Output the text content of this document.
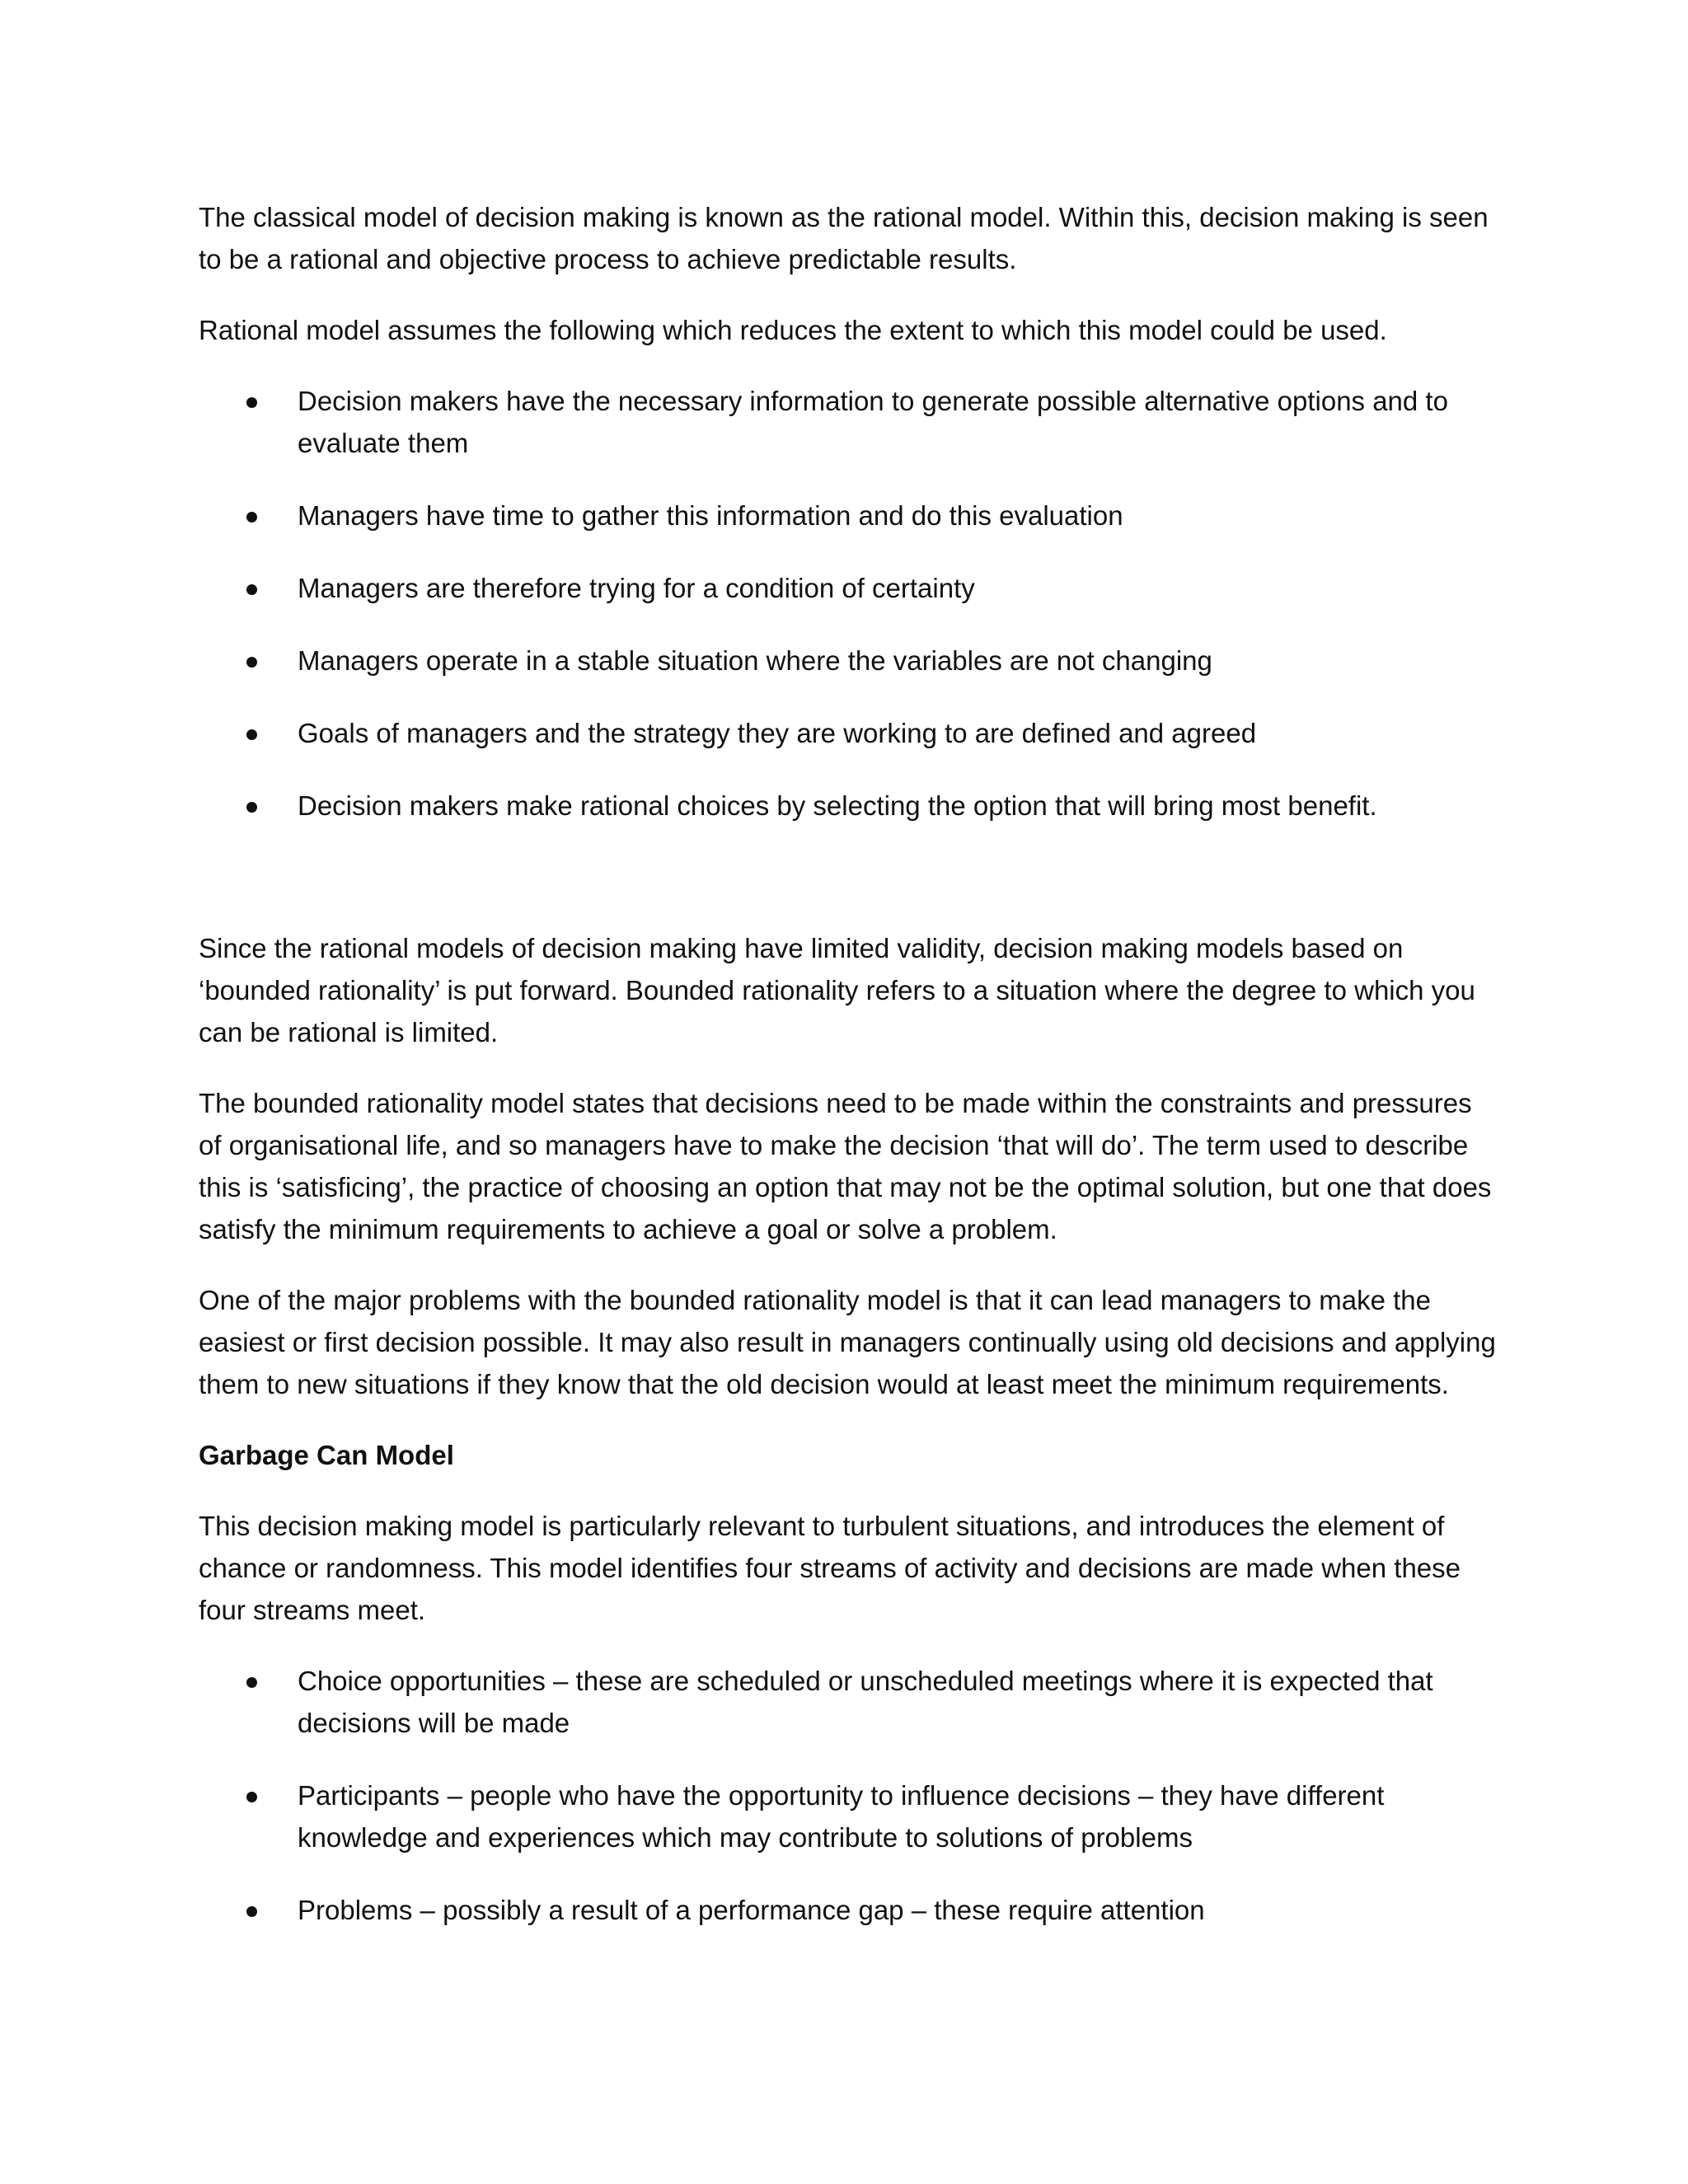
The classical model of decision making is known as the rational model. Within this, decision making is seen to be a rational and objective process to achieve predictable results.

Rational model assumes the following which reduces the extent to which this model could be used.

Decision makers have the necessary information to generate possible alternative options and to evaluate them
Managers have time to gather this information and do this evaluation
Managers are therefore trying for a condition of certainty
Managers operate in a stable situation where the variables are not changing
Goals of managers and the strategy they are working to are defined and agreed
Decision makers make rational choices by selecting the option that will bring most benefit.

Since the rational models of decision making have limited validity, decision making models based on ‘bounded rationality’ is put forward. Bounded rationality refers to a situation where the degree to which you can be rational is limited.

The bounded rationality model states that decisions need to be made within the constraints and pressures of organisational life, and so managers have to make the decision ‘that will do’. The term used to describe this is ‘satisficing’, the practice of choosing an option that may not be the optimal solution, but one that does satisfy the minimum requirements to achieve a goal or solve a problem.

One of the major problems with the bounded rationality model is that it can lead managers to make the easiest or first decision possible. It may also result in managers continually using old decisions and applying them to new situations if they know that the old decision would at least meet the minimum requirements.

Garbage Can Model

This decision making model is particularly relevant to turbulent situations, and introduces the element of chance or randomness. This model identifies four streams of activity and decisions are made when these four streams meet.

Choice opportunities – these are scheduled or unscheduled meetings where it is expected that decisions will be made
Participants – people who have the opportunity to influence decisions – they have different knowledge and experiences which may contribute to solutions of problems
Problems – possibly a result of a performance gap – these require attention
